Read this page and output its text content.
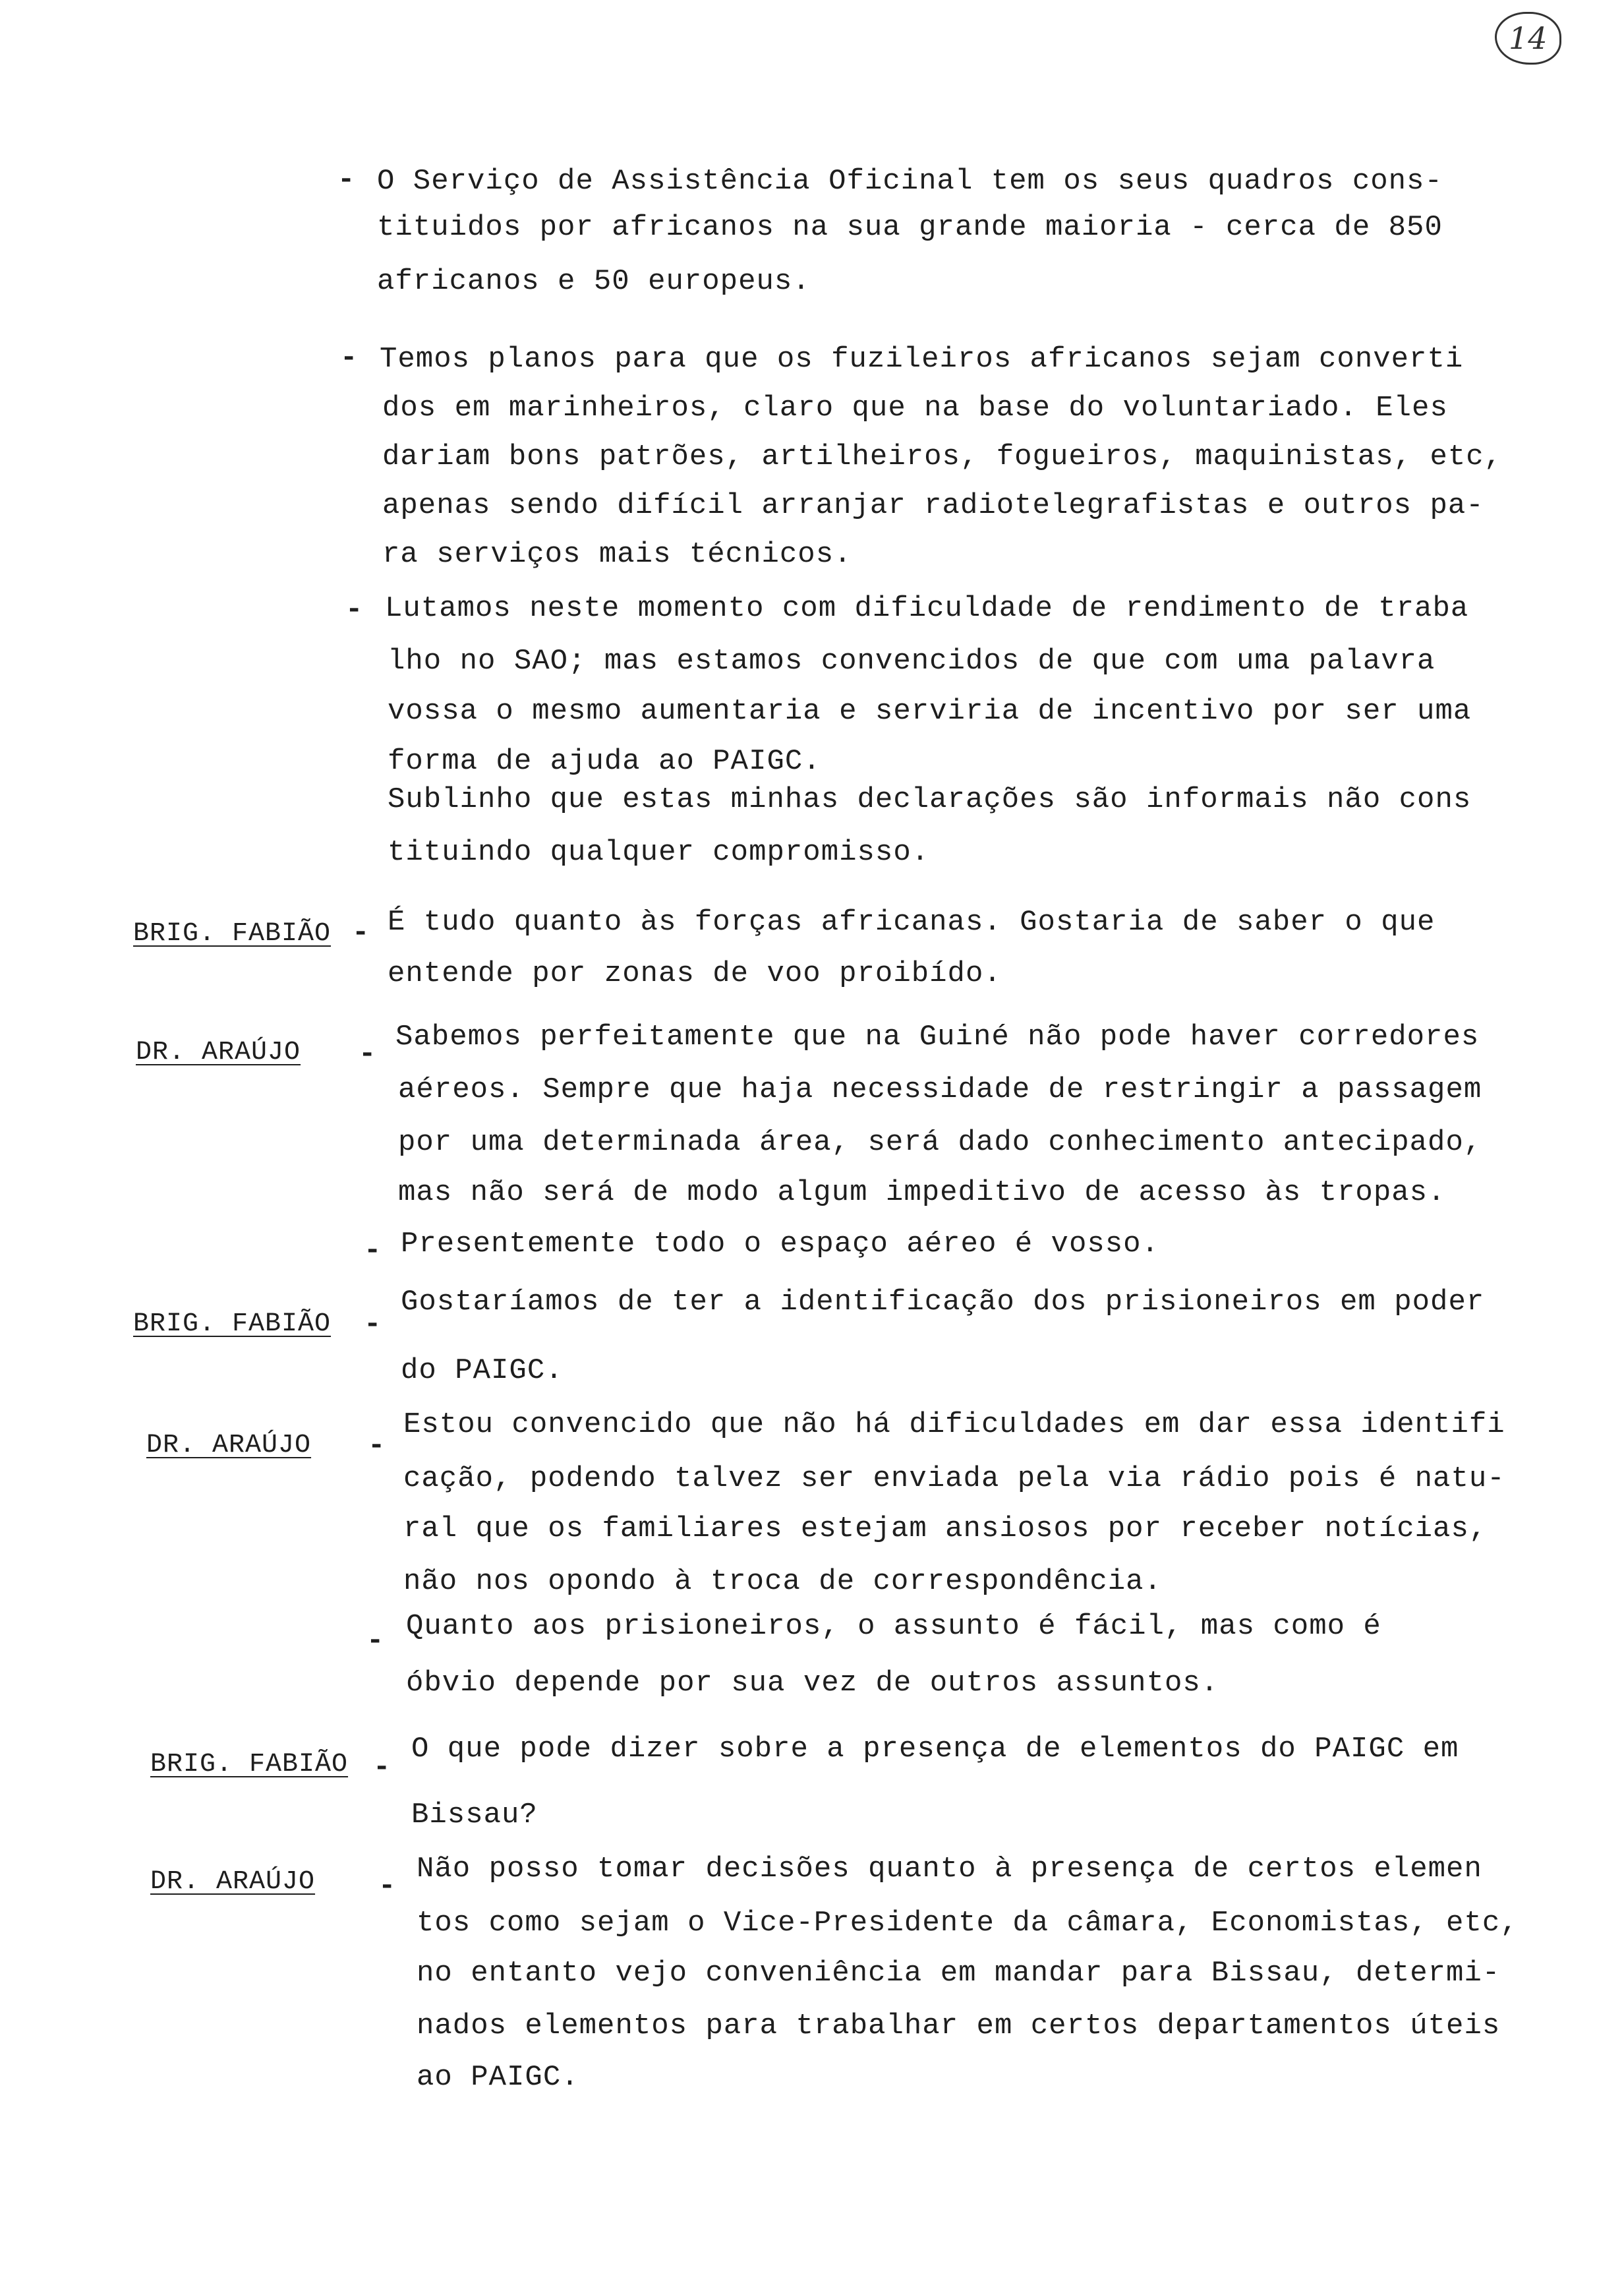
14
- O Serviço de Assistência Oficinal tem os seus quadros cons-
tituidos por africanos na sua grande maioria - cerca de 850
africanos e 50 europeus.
- Temos planos para que os fuzileiros africanos sejam converti
dos em marinheiros, claro que na base do voluntariado. Eles
dariam bons patrões, artilheiros, fogueiros, maquinistas, etc,
apenas sendo difícil arranjar radiotelegrafistas e outros pa-
ra serviços mais técnicos.
- Lutamos neste momento com dificuldade de rendimento de traba
lho no SAO; mas estamos convencidos de que com uma palavra
vossa o mesmo aumentaria e serviria de incentivo por ser uma
forma de ajuda ao PAIGC.
Sublinho que estas minhas declarações são informais não cons
tituindo qualquer compromisso.
BRIG. FABIÃO - É tudo quanto às forças africanas. Gostaria de saber o que
entende por zonas de voo proibído.
DR. ARAÚJO -
Sabemos perfeitamente que na Guiné não pode haver corredores
aéreos. Sempre que haja necessidade de restringir a passagem
por uma determinada área, será dado conhecimento antecipado,
mas não será de modo algum impeditivo de acesso às tropas.
- Presentemente todo o espaço aéreo é vosso.
BRIG. FABIÃO -
Gostaríamos de ter a identificação dos prisioneiros em poder
do PAIGC.
DR. ARAÚJO -
Estou convencido que não há dificuldades em dar essa identifi
cação, podendo talvez ser enviada pela via rádio pois é natu-
ral que os familiares estejam ansiosos por receber notícias,
não nos opondo à troca de correspondência.
- Quanto aos prisioneiros, o assunto é fácil, mas como é
óbvio depende por sua vez de outros assuntos.
BRIG. FABIÃO -
O que pode dizer sobre a presença de elementos do PAIGC em
Bissau?
DR. ARAÚJO -
Não posso tomar decisões quanto à presença de certos elemen
tos como sejam o Vice-Presidente da câmara, Economistas, etc,
no entanto vejo conveniência em mandar para Bissau, determi-
nados elementos para trabalhar em certos departamentos úteis
ao PAIGC.
